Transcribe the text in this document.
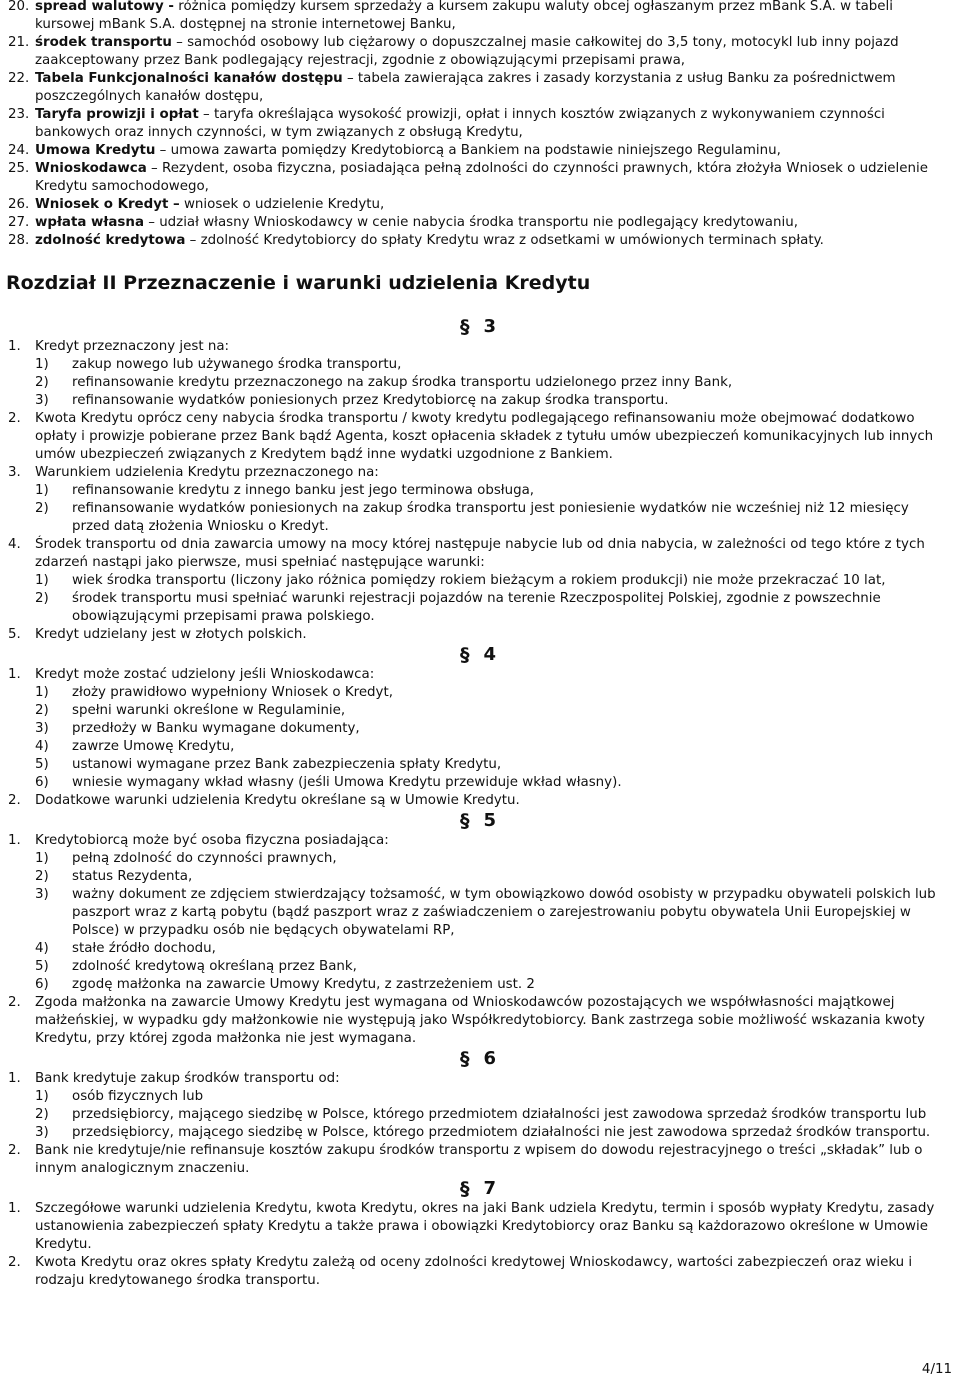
20. spread walutowy - różnica pomiędzy kursem sprzedaży a kursem zakupu waluty obcej ogłaszanym przez mBank S.A. w tabeli kursowej mBank S.A. dostępnej na stronie internetowej Banku,
21. środek transportu – samochód osobowy lub ciężarowy o dopuszczalnej masie całkowitej do 3,5 tony, motocykl lub inny pojazd zaakceptowany przez Bank podlegający rejestracji, zgodnie z obowiązującymi przepisami prawa,
22. Tabela Funkcjonalności kanałów dostępu – tabela zawierająca zakres i zasady korzystania z usług Banku za pośrednictwem poszczególnych kanałów dostępu,
23. Taryfa prowizji i opłat – taryfa określająca wysokość prowizji, opłat i innych kosztów związanych z wykonywaniem czynności bankowych oraz innych czynności, w tym związanych z obsługą Kredytu,
24. Umowa Kredytu – umowa zawarta pomiędzy Kredytobiorcą a Bankiem na podstawie niniejszego Regulaminu,
25. Wnioskodawca – Rezydent, osoba fizyczna, posiadająca pełną zdolności do czynności prawnych, która złożyła Wniosek o udzielenie Kredytu samochodowego,
26. Wniosek o Kredyt – wniosek o udzielenie Kredytu,
27. wpłata własna – udział własny Wnioskodawcy w cenie nabycia środka transportu nie podlegający kredytowaniu,
28. zdolność kredytowa – zdolność Kredytobiorcy do spłaty Kredytu wraz z odsetkami w umówionych terminach spłaty.
Rozdział II Przeznaczenie i warunki udzielenia Kredytu
§ 3
1.	Kredyt przeznaczony jest na:
1)	zakup nowego lub używanego środka transportu,
2)	refinansowanie kredytu przeznaczonego na zakup środka transportu udzielonego przez inny Bank,
3)	refinansowanie wydatków poniesionych przez Kredytobiorcę na zakup środka transportu.
2.	Kwota Kredytu oprócz ceny nabycia środka transportu / kwoty kredytu podlegającego refinansowaniu może obejmować dodatkowo opłaty i prowizje pobierane przez Bank bądź Agenta, koszt opłacenia składek z tytułu umów ubezpieczeń komunikacyjnych lub innych umów ubezpieczeń związanych z Kredytem bądź inne wydatki uzgodnione z Bankiem.
3.	Warunkiem udzielenia Kredytu przeznaczonego na:
1)	refinansowanie kredytu z innego banku jest jego terminowa obsługa,
2)	refinansowanie wydatków poniesionych na zakup środka transportu jest poniesienie wydatków nie wcześniej niż 12 miesięcy przed datą złożenia Wniosku o Kredyt.
4.	Środek transportu od dnia zawarcia umowy na mocy której następuje nabycie lub od dnia nabycia, w zależności od tego które z tych zdarzeń nastąpi jako pierwsze, musi spełniać następujące warunki:
1)	wiek środka transportu (liczony jako różnica pomiędzy rokiem bieżącym a rokiem produkcji) nie może przekraczać 10 lat,
2)	środek transportu musi spełniać warunki rejestracji pojazdów na terenie Rzeczpospolitej Polskiej, zgodnie z powszechnie obowiązującymi przepisami prawa polskiego.
5.	Kredyt udzielany jest w złotych polskich.
§ 4
1.	Kredyt może zostać udzielony jeśli Wnioskodawca:
1)	złoży prawidłowo wypełniony Wniosek o Kredyt,
2)	spełni warunki określone w Regulaminie,
3)	przedłoży w Banku wymagane dokumenty,
4)	zawrze Umowę Kredytu,
5)	ustanowi wymagane przez Bank zabezpieczenia spłaty Kredytu,
6)	wniesie wymagany wkład własny (jeśli Umowa Kredytu przewiduje wkład własny).
2.	Dodatkowe warunki udzielenia Kredytu określane są w Umowie Kredytu.
§ 5
1.	Kredytobiorcą może być osoba fizyczna posiadająca:
1)	pełną zdolność do czynności prawnych,
2)	status Rezydenta,
3)	ważny dokument ze zdjęciem stwierdzający tożsamość, w tym obowiązkowo dowód osobisty w przypadku obywateli polskich lub paszport wraz z kartą pobytu (bądź paszport wraz z zaświadczeniem o zarejestrowaniu pobytu obywatela Unii Europejskiej w Polsce) w przypadku osób nie będących obywatelami RP,
4)	stałe źródło dochodu,
5)	zdolność kredytową określaną przez Bank,
6)	zgodę małżonka na zawarcie Umowy Kredytu, z zastrzeżeniem ust. 2
2.	Zgoda małżonka na zawarcie Umowy Kredytu jest wymagana od Wnioskodawców pozostających we współwłasności majątkowej małżeńskiej, w wypadku gdy małżonkowie nie występują jako Współkredytobiorcy. Bank zastrzega sobie możliwość wskazania kwoty Kredytu, przy której zgoda małżonka nie jest wymagana.
§ 6
1.	Bank kredytuje zakup środków transportu od:
1)	osób fizycznych lub
2)	przedsiębiorcy, mającego siedzibę w Polsce, którego przedmiotem działalności jest zawodowa sprzedaż środków transportu lub
3)	przedsiębiorcy, mającego siedzibę w Polsce, którego przedmiotem działalności nie jest zawodowa sprzedaż środków transportu.
2.	Bank nie kredytuje/nie refinansuje kosztów zakupu środków transportu z wpisem do dowodu rejestracyjnego o treści „składak” lub o innym analogicznym znaczeniu.
§ 7
1.	Szczegółowe warunki udzielenia Kredytu, kwota Kredytu, okres na jaki Bank udziela Kredytu, termin i sposób wypłaty Kredytu, zasady ustanowienia zabezpieczeń spłaty Kredytu a także prawa i obowiązki Kredytobiorcy oraz Banku są każdorazowo określone w Umowie Kredytu.
2.	Kwota Kredytu oraz okres spłaty Kredytu zależą od oceny zdolności kredytowej Wnioskodawcy, wartości zabezpieczeń oraz wieku i rodzaju kredytowanego środka transportu.
4/11
